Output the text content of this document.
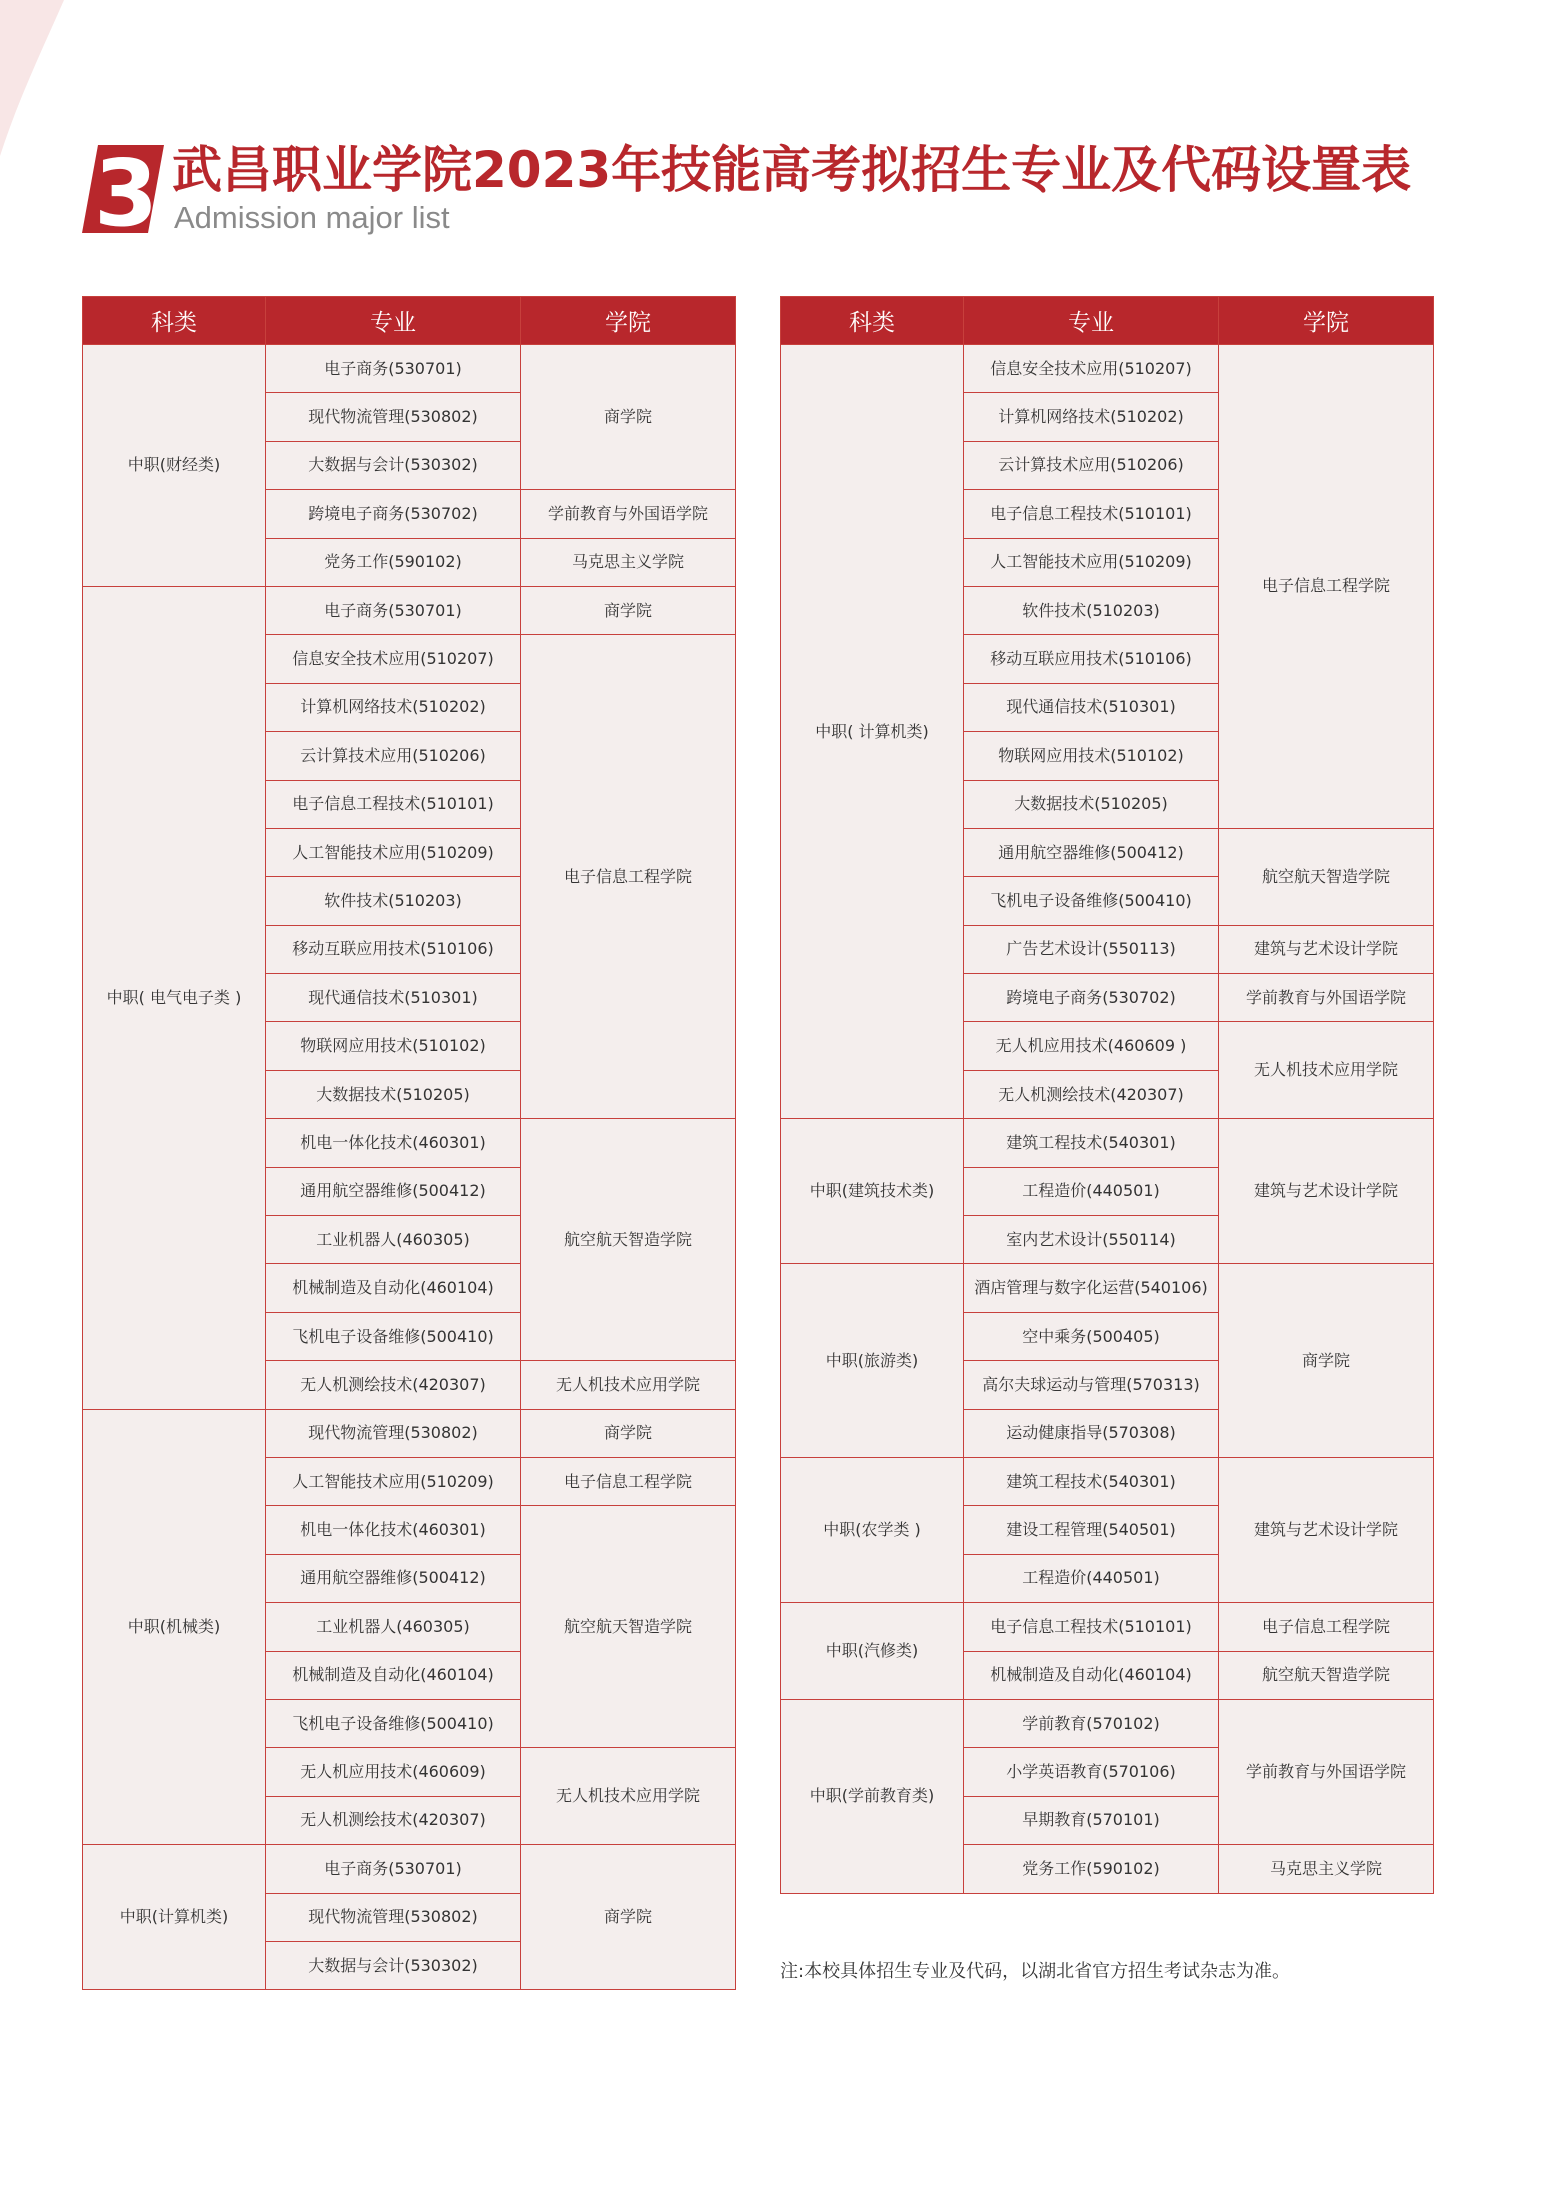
3 武昌职业学院2023年技能高考拟招生专业及代码设置表
Admission major list
科类	专业	学院
中职(财经类)	电子商务(530701)	商学院
	现代物流管理(530802)	
	大数据与会计(530302)	
	跨境电子商务(530702)	学前教育与外国语学院
	党务工作(590102)	马克思主义学院
中职( 电气电子类 )	电子商务(530701)	商学院
	信息安全技术应用(510207)	电子信息工程学院
	计算机网络技术(510202)	
	云计算技术应用(510206)	
	电子信息工程技术(510101)	
	人工智能技术应用(510209)	
	软件技术(510203)	
	移动互联应用技术(510106)	
	现代通信技术(510301)	
	物联网应用技术(510102)	
	大数据技术(510205)	
	机电一体化技术(460301)	航空航天智造学院
	通用航空器维修(500412)	
	工业机器人(460305)	
	机械制造及自动化(460104)	
	飞机电子设备维修(500410)	
	无人机测绘技术(420307)	无人机技术应用学院
中职(机械类)	现代物流管理(530802)	商学院
	人工智能技术应用(510209)	电子信息工程学院
	机电一体化技术(460301)	航空航天智造学院
	通用航空器维修(500412)	
	工业机器人(460305)	
	机械制造及自动化(460104)	
	飞机电子设备维修(500410)	
	无人机应用技术(460609)	无人机技术应用学院
	无人机测绘技术(420307)	
中职(计算机类)	电子商务(530701)	商学院
	现代物流管理(530802)	
	大数据与会计(530302)	
科类	专业	学院
中职( 计算机类)	信息安全技术应用(510207)	电子信息工程学院
	计算机网络技术(510202)	
	云计算技术应用(510206)	
	电子信息工程技术(510101)	
	人工智能技术应用(510209)	
	软件技术(510203)	
	移动互联应用技术(510106)	
	现代通信技术(510301)	
	物联网应用技术(510102)	
	大数据技术(510205)	
	通用航空器维修(500412)	航空航天智造学院
	飞机电子设备维修(500410)	
	广告艺术设计(550113)	建筑与艺术设计学院
	跨境电子商务(530702)	学前教育与外国语学院
	无人机应用技术(460609 )	无人机技术应用学院
	无人机测绘技术(420307)	
中职(建筑技术类)	建筑工程技术(540301)	建筑与艺术设计学院
	工程造价(440501)	
	室内艺术设计(550114)	
中职(旅游类)	酒店管理与数字化运营(540106)	商学院
	空中乘务(500405)	
	高尔夫球运动与管理(570313)	
	运动健康指导(570308)	
中职(农学类 )	建筑工程技术(540301)	建筑与艺术设计学院
	建设工程管理(540501)	
	工程造价(440501)	
中职(汽修类)	电子信息工程技术(510101)	电子信息工程学院
	机械制造及自动化(460104)	航空航天智造学院
中职(学前教育类)	学前教育(570102)	学前教育与外国语学院
	小学英语教育(570106)	
	早期教育(570101)	
	党务工作(590102)	马克思主义学院

注:本校具体招生专业及代码，以湖北省官方招生考试杂志为准。
